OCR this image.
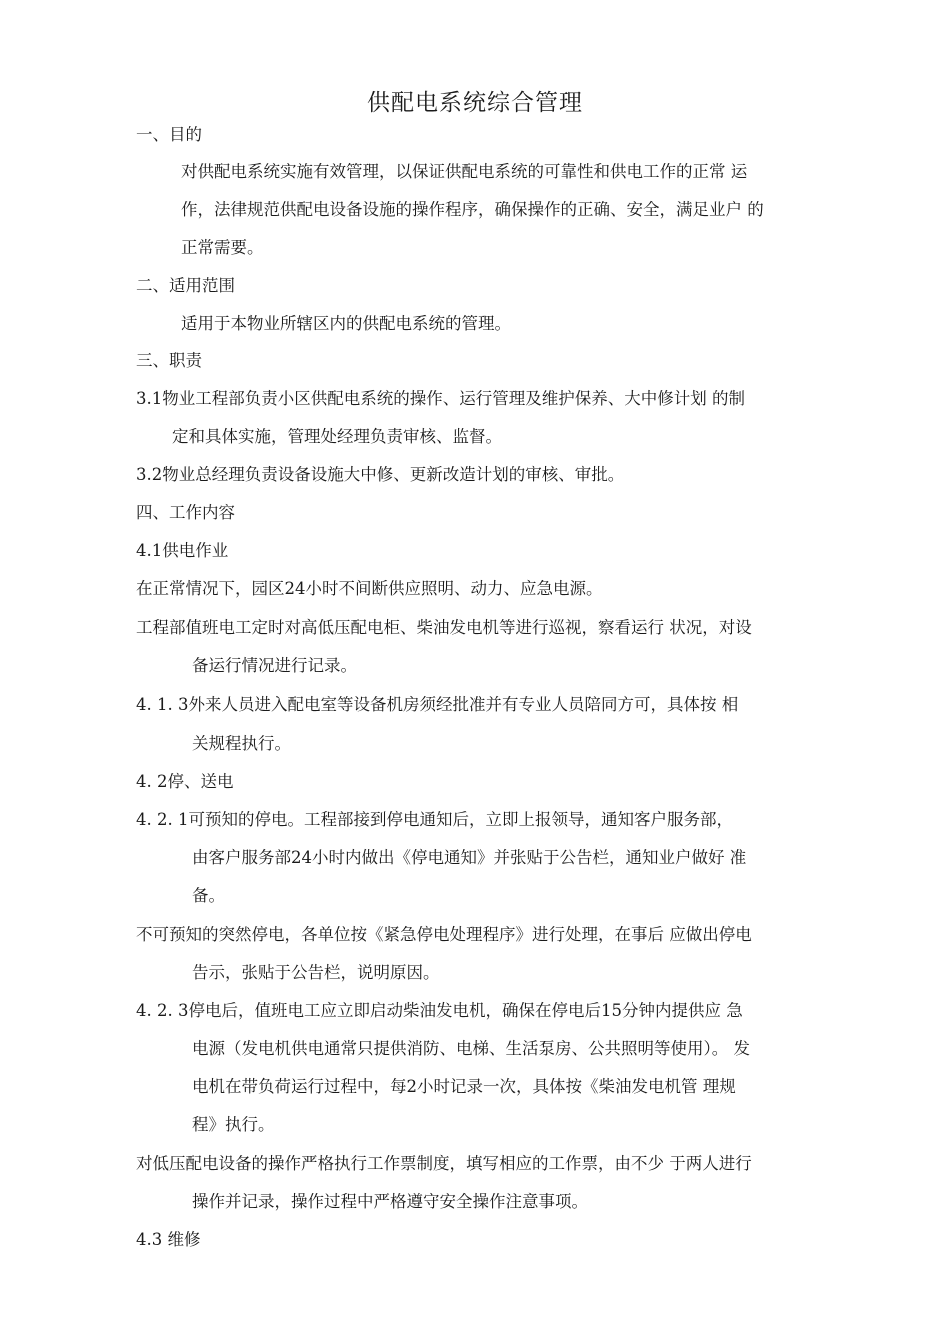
供配电系统综合管理
一、目的
对供配电系统实施有效管理，以保证供配电系统的可靠性和供电工作的正常 运
作，法律规范供配电设备设施的操作程序，确保操作的正确、安全，满足业户 的
正常需要。
二、适用范围
适用于本物业所辖区内的供配电系统的管理。
三、职责
3.1物业工程部负责小区供配电系统的操作、运行管理及维护保养、大中修计划 的制
定和具体实施，管理处经理负责审核、监督。
3.2物业总经理负责设备设施大中修、更新改造计划的审核、审批。
四、工作内容
4.1供电作业
在正常情况下，园区24小时不间断供应照明、动力、应急电源。
工程部值班电工定时对高低压配电柜、柴油发电机等进行巡视，察看运行 状况，对设
备运行情况进行记录。
4. 1. 3外来人员进入配电室等设备机房须经批准并有专业人员陪同方可，具体按 相
关规程执行。
4. 2停、送电
4. 2. 1可预知的停电。工程部接到停电通知后，立即上报领导，通知客户服务部，
由客户服务部24小时内做出《停电通知》并张贴于公告栏，通知业户做好 准
备。
不可预知的突然停电，各单位按《紧急停电处理程序》进行处理，在事后 应做出停电
告示，张贴于公告栏，说明原因。
4. 2. 3停电后，值班电工应立即启动柴油发电机，确保在停电后15分钟内提供应 急
电源（发电机供电通常只提供消防、电梯、生活泵房、公共照明等使用）。 发
电机在带负荷运行过程中，每2小时记录一次，具体按《柴油发电机管 理规
程》执行。
对低压配电设备的操作严格执行工作票制度，填写相应的工作票，由不少 于两人进行
操作并记录，操作过程中严格遵守安全操作注意事项。
4.3 维修
